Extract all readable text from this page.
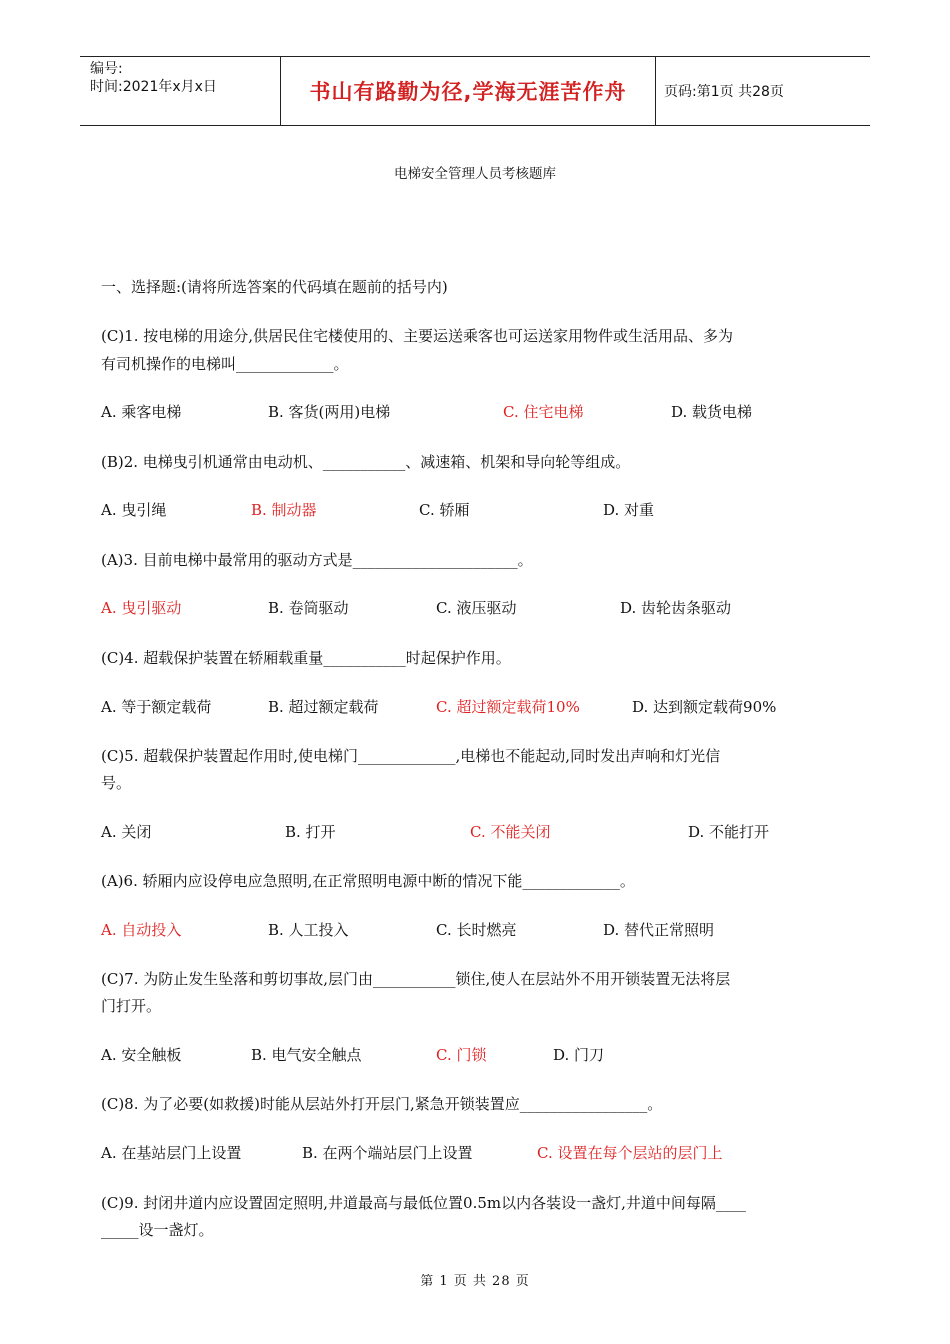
编号:
时间:2021年x月x日	书山有路勤为径,学海无涯苦作舟	页码:第1页 共28页
电梯安全管理人员考核题库
一、选择题:(请将所选答案的代码填在题前的括号内)
(C)1. 按电梯的用途分,供居民住宅楼使用的、主要运送乘客也可运送家用物件或生活用品、多为
有司机操作的电梯叫_____________。
A. 乘客电梯	B. 客货(两用)电梯	C. 住宅电梯	D. 载货电梯
(B)2. 电梯曳引机通常由电动机、___________、减速箱、机架和导向轮等组成。
A. 曳引绳	B. 制动器	C. 轿厢	D. 对重
(A)3. 目前电梯中最常用的驱动方式是______________________。
A. 曳引驱动	B. 卷筒驱动	C. 液压驱动	D. 齿轮齿条驱动
(C)4. 超载保护装置在轿厢载重量___________时起保护作用。
A. 等于额定载荷	B. 超过额定载荷	C. 超过额定载荷10%	D. 达到额定载荷90%
(C)5. 超载保护装置起作用时,使电梯门_____________,电梯也不能起动,同时发出声响和灯光信
号。
A. 关闭	B. 打开	C. 不能关闭	D. 不能打开
(A)6. 轿厢内应设停电应急照明,在正常照明电源中断的情况下能_____________。
A. 自动投入	B. 人工投入	C. 长时燃亮	D. 替代正常照明
(C)7. 为防止发生坠落和剪切事故,层门由___________锁住,使人在层站外不用开锁装置无法将层
门打开。
A. 安全触板	B. 电气安全触点	C. 门锁	D. 门刀
(C)8. 为了必要(如救援)时能从层站外打开层门,紧急开锁装置应_________________。
A. 在基站层门上设置	B. 在两个端站层门上设置	C. 设置在每个层站的层门上
(C)9. 封闭井道内应设置固定照明,井道最高与最低位置0.5m以内各装设一盏灯,井道中间每隔____
_____设一盏灯。
第 1 页 共 28 页
